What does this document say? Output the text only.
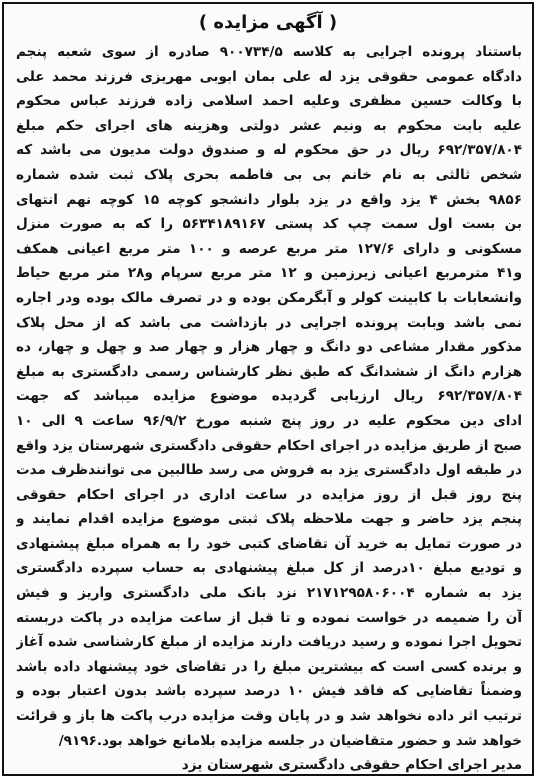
( آگهی مزایده )
باستناد پرونده اجرایی به کلاسه ۹۰۰۷۳۴/۵ صادره از سوی شعبه پنجم
دادگاه عمومی حقوقی یزد له علی بمان ابوبی مهریزی فرزند محمد علی
با وکالت حسین مظفری وعلیه احمد اسلامی زاده فرزند عباس محکوم
علیه بابت محکوم به ونیم عشر دولتی وهزینه های اجرای حکم مبلغ
۶۹۲/۳۵۷/۸۰۴ ریال در حق محکوم له و صندوق دولت مدیون می باشد که
شخص ثالثی به نام خانم بی بی فاطمه بحری پلاک ثبت شده شماره
۹۸۵۶ بخش ۴ یزد واقع در یزد بلوار دانشجو کوچه ۱۵ کوچه نهم انتهای
بن بست اول سمت چپ کد پستی ۵۶۳۴۱۸۹۱۶۷ را که به صورت منزل
مسکونی و دارای ۱۲۷/۶ متر مربع عرصه و ۱۰۰ متر مربع اعیانی همکف
و۴۱ مترمربع اعیانی زیرزمین و ۱۲ متر مربع سرپام و۲۸ متر مربع حیاط
وانشعابات با کابینت کولر و آبگرمکن بوده و در تصرف مالک بوده ودر اجاره
نمی باشد وبابت پرونده اجرایی در بازداشت می باشد که از محل پلاک
مذکور مقدار مشاعی دو دانگ و چهار هزار و چهار صد و چهل و چهار، ده
هزارم دانگ از ششدانگ که طبق نظر کارشناس رسمی دادگستری به مبلغ
۶۹۲/۳۵۷/۸۰۴ ریال ارزیابی گردیده موضوع مزایده میباشد که جهت
ادای دین محکوم علیه در روز پنج شنبه مورخ ۹۶/۹/۲ ساعت ۹ الی ۱۰
صبح از طریق مزایده در اجرای احکام حقوقی دادگستری شهرستان یزد واقع
در طبقه اول دادگستری یزد به فروش می رسد طالبین می توانندظرف مدت
پنج روز قبل از روز مزایده در ساعت اداری در اجرای احکام حقوقی
پنجم یزد حاضر و جهت ملاحظه پلاک ثبتی موضوع مزایده اقدام نمایند و
در صورت تمایل به خرید آن تقاضای کتبی خود را به همراه مبلغ پیشنهادی
و تودیع مبلغ ۱۰درصد از کل مبلغ پیشنهادی به حساب سپرده دادگستری
یزد به شماره ۲۱۷۱۲۹۵۸۰۶۰۰۴ نزد بانک ملی دادگستری واریز و فیش
آن را ضمیمه در خواست نموده و تا قبل از ساعت مزایده در پاکت دربسته
تحویل اجرا نموده و رسید دریافت دارند مزایده از مبلغ کارشناسی شده آغاز
و برنده کسی است که بیشترین مبلغ را در تقاضای خود پیشنهاد داده باشد
وضمناً تقاضایی که فاقد فیش ۱۰ درصد سپرده باشد بدون اعتبار بوده و
ترتیب اثر داده نخواهد شد و در پایان وقت مزایده درب پاکت ها باز و قرائت
خواهد شد و حضور متقاضیان در جلسه مزایده بلامانع خواهد بود.۹۱۹۶/
مدیر اجرای احکام حقوقی دادگستری شهرستان یزد
